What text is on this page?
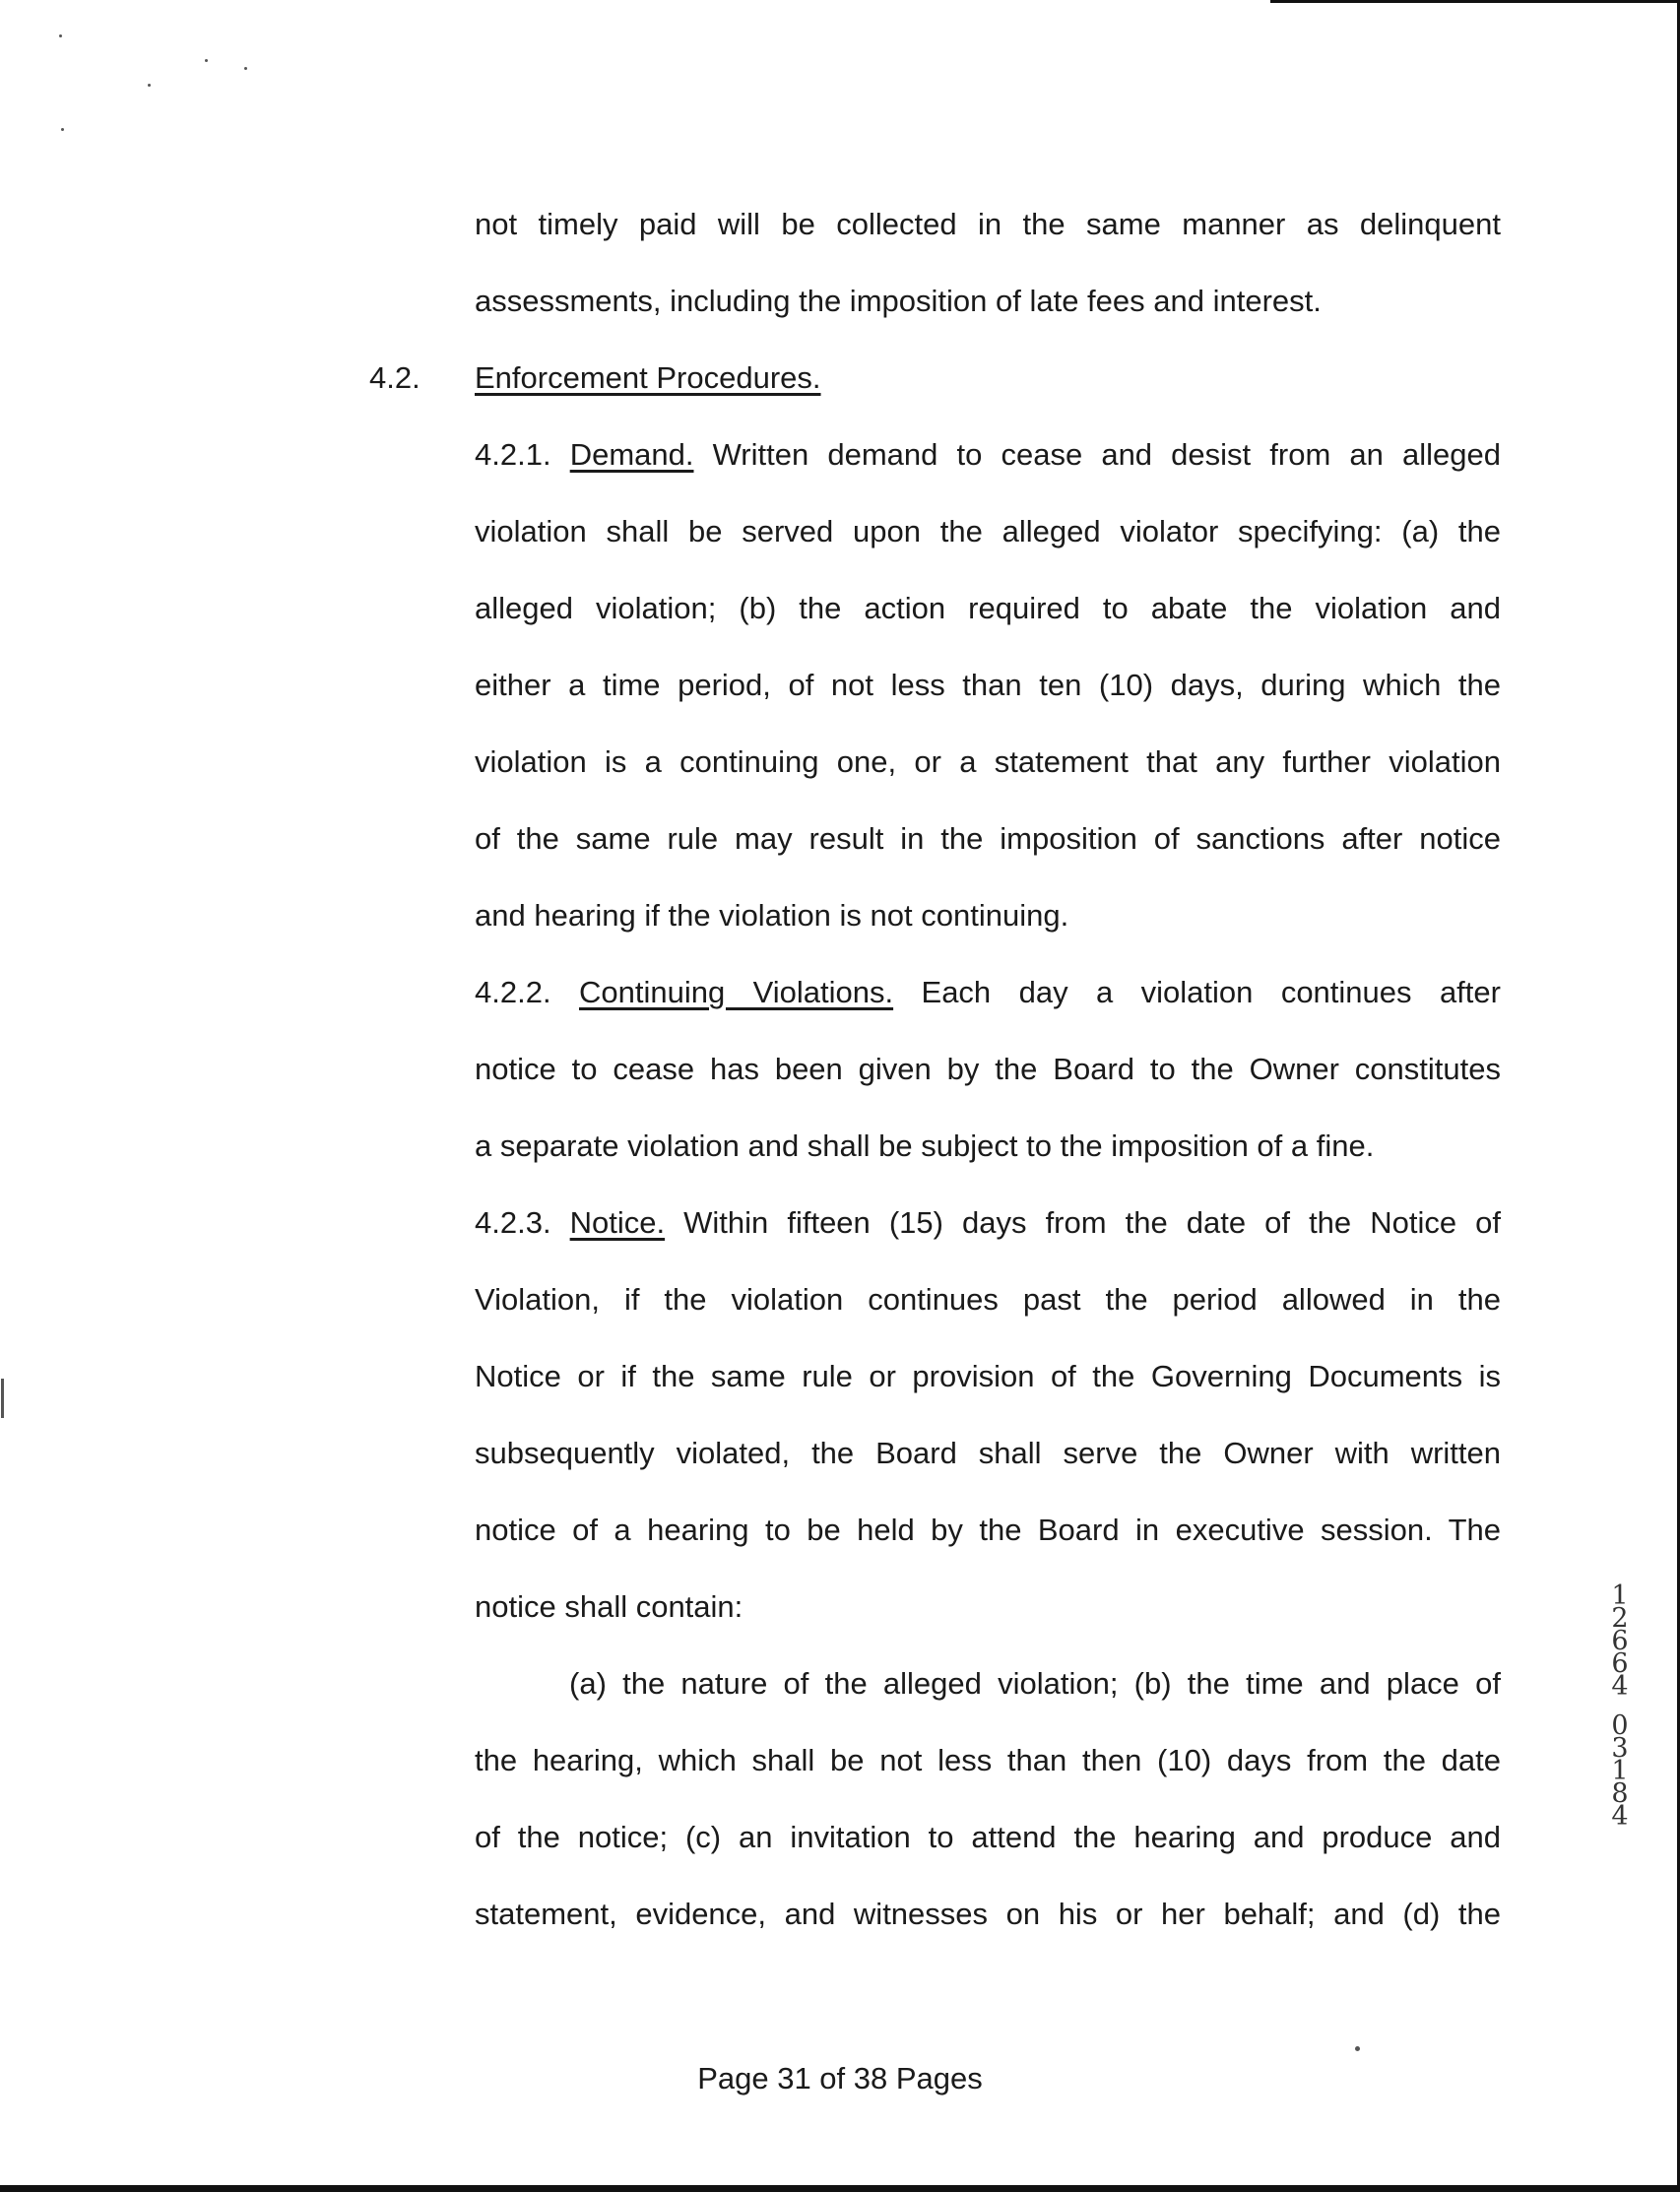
not timely paid will be collected in the same manner as delinquent
assessments, including the imposition of late fees and interest.
4.2. Enforcement Procedures.
4.2.1. Demand. Written demand to cease and desist from an alleged
violation shall be served upon the alleged violator specifying: (a) the
alleged violation; (b) the action required to abate the violation and
either a time period, of not less than ten (10) days, during which the
violation is a continuing one, or a statement that any further violation
of the same rule may result in the imposition of sanctions after notice
and hearing if the violation is not continuing.
4.2.2. Continuing Violations. Each day a violation continues after
notice to cease has been given by the Board to the Owner constitutes
a separate violation and shall be subject to the imposition of a fine.
4.2.3. Notice. Within fifteen (15) days from the date of the Notice of
Violation, if the violation continues past the period allowed in the
Notice or if the same rule or provision of the Governing Documents is
subsequently violated, the Board shall serve the Owner with written
notice of a hearing to be held by the Board in executive session. The
notice shall contain:
(a) the nature of the alleged violation; (b) the time and place of
the hearing, which shall be not less than then (10) days from the date
of the notice; (c) an invitation to attend the hearing and produce and
statement, evidence, and witnesses on his or her behalf; and (d) the
1
2
6
6
4
0
3
1
8
4
Page 31 of 38 Pages
